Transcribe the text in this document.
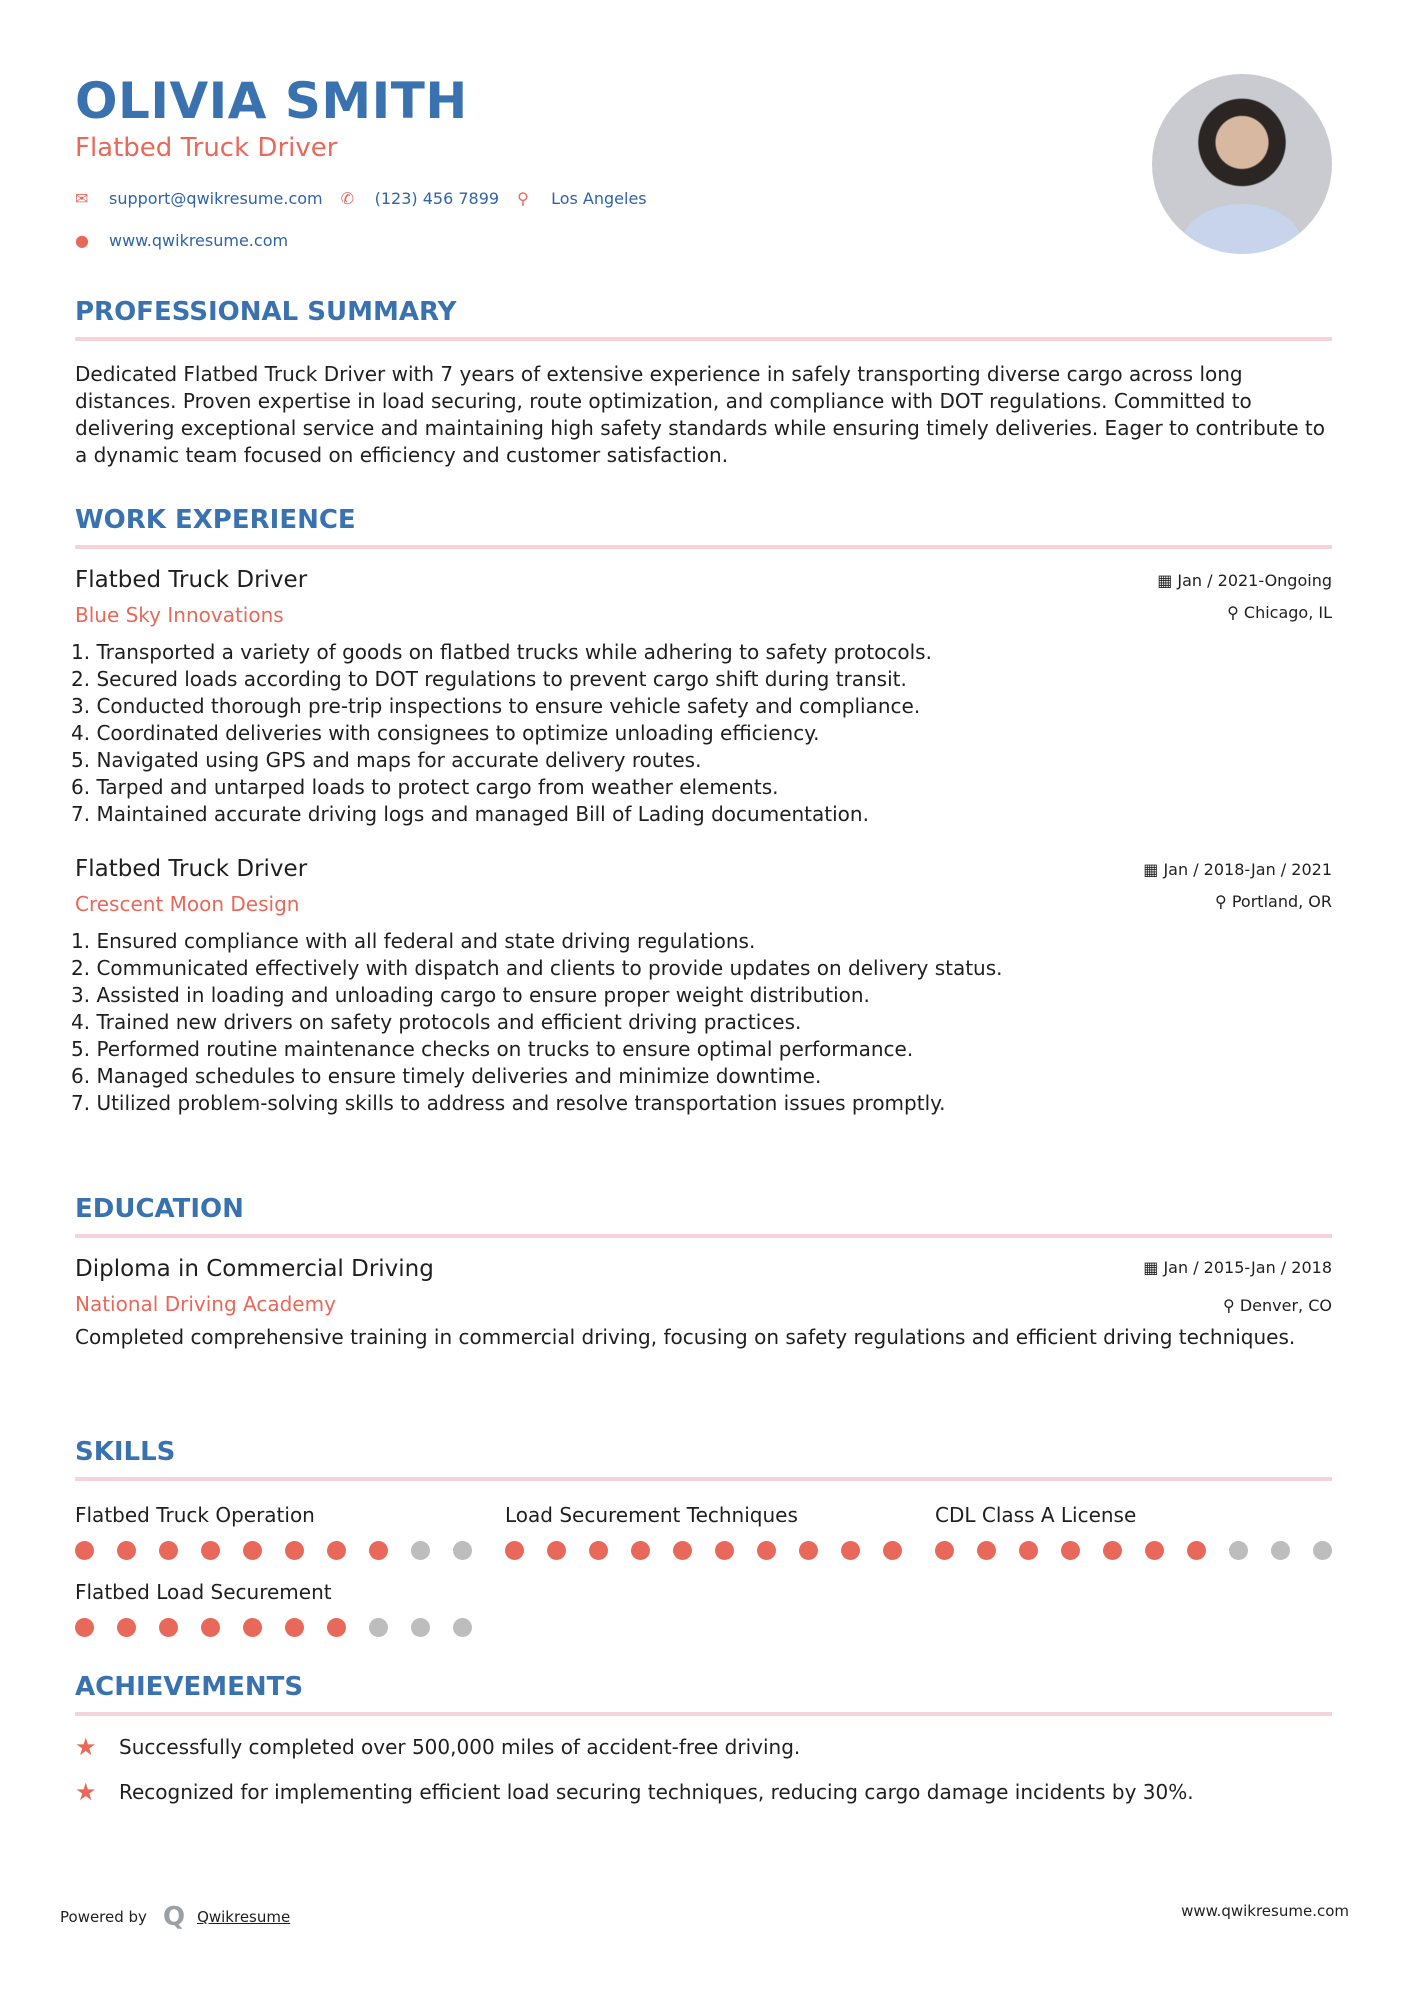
OLIVIA SMITH
Flatbed Truck Driver
✉	support@qwikresume.com ✆	(123) 456 7899 ⚲	Los Angeles
●	www.qwikresume.com
PROFESSIONAL SUMMARY
Dedicated Flatbed Truck Driver with 7 years of extensive experience in safely transporting diverse cargo across long distances. Proven expertise in load securing, route optimization, and compliance with DOT regulations. Committed to delivering exceptional service and maintaining high safety standards while ensuring timely deliveries. Eager to contribute to a dynamic team focused on efficiency and customer satisfaction.
WORK EXPERIENCE
Flatbed Truck Driver
Blue Sky Innovations
▦ Jan / 2021-Ongoing
⚲ Chicago, IL
1. Transported a variety of goods on flatbed trucks while adhering to safety protocols.
2. Secured loads according to DOT regulations to prevent cargo shift during transit.
3. Conducted thorough pre-trip inspections to ensure vehicle safety and compliance.
4. Coordinated deliveries with consignees to optimize unloading efficiency.
5. Navigated using GPS and maps for accurate delivery routes.
6. Tarped and untarped loads to protect cargo from weather elements.
7. Maintained accurate driving logs and managed Bill of Lading documentation.
Flatbed Truck Driver
Crescent Moon Design
▦ Jan / 2018-Jan / 2021
⚲ Portland, OR
1. Ensured compliance with all federal and state driving regulations.
2. Communicated effectively with dispatch and clients to provide updates on delivery status.
3. Assisted in loading and unloading cargo to ensure proper weight distribution.
4. Trained new drivers on safety protocols and efficient driving practices.
5. Performed routine maintenance checks on trucks to ensure optimal performance.
6. Managed schedules to ensure timely deliveries and minimize downtime.
7. Utilized problem-solving skills to address and resolve transportation issues promptly.
EDUCATION
Diploma in Commercial Driving
National Driving Academy
▦ Jan / 2015-Jan / 2018
⚲ Denver, CO
Completed comprehensive training in commercial driving, focusing on safety regulations and efficient driving techniques.
SKILLS
Flatbed Truck Operation	Load Securement Techniques	CDL Class A License
Flatbed Load Securement
ACHIEVEMENTS
★	Successfully completed over 500,000 miles of accident-free driving.
★	Recognized for implementing efficient load securing techniques, reducing cargo damage incidents by 30%.
Powered by Q Qwikresume	www.qwikresume.com
